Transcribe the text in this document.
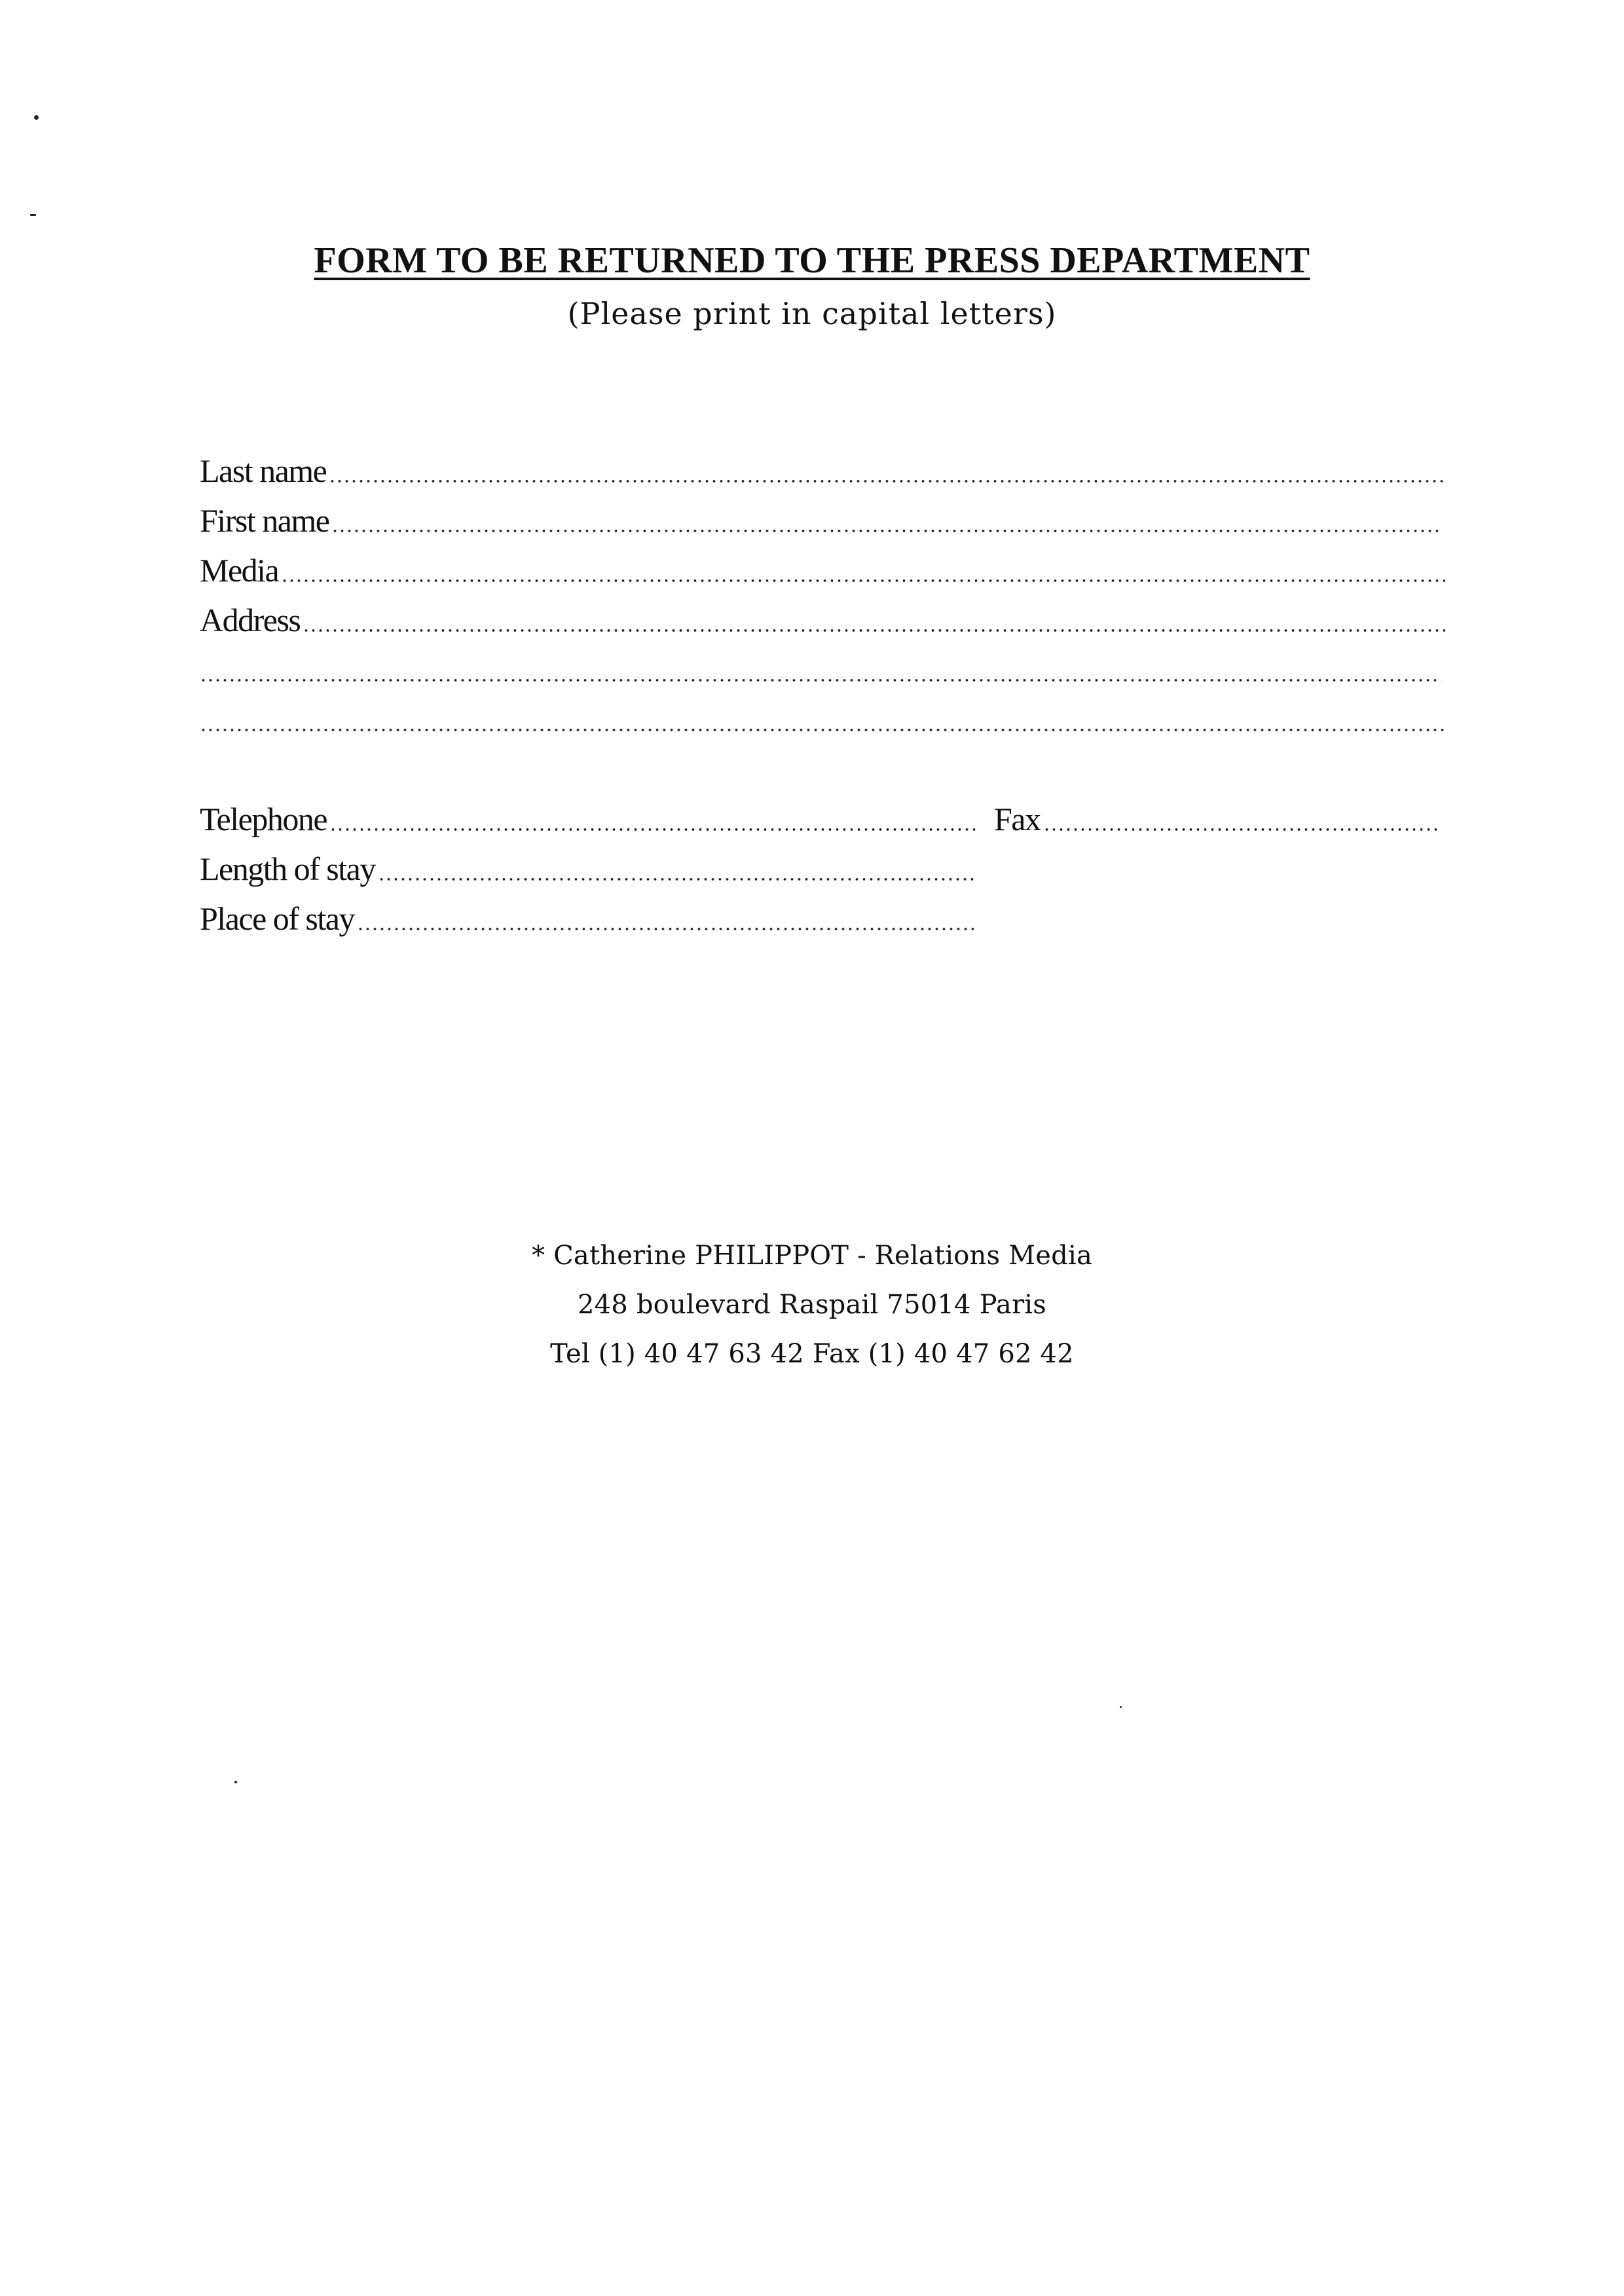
FORM TO BE RETURNED TO THE PRESS DEPARTMENT
(Please print in capital letters)
Last name
First name
Media
Address
Telephone	Fax
Length of stay
Place of stay
* Catherine PHILIPPOT - Relations Media
248 boulevard Raspail 75014 Paris
Tel (1) 40 47 63 42 Fax (1) 40 47 62 42
